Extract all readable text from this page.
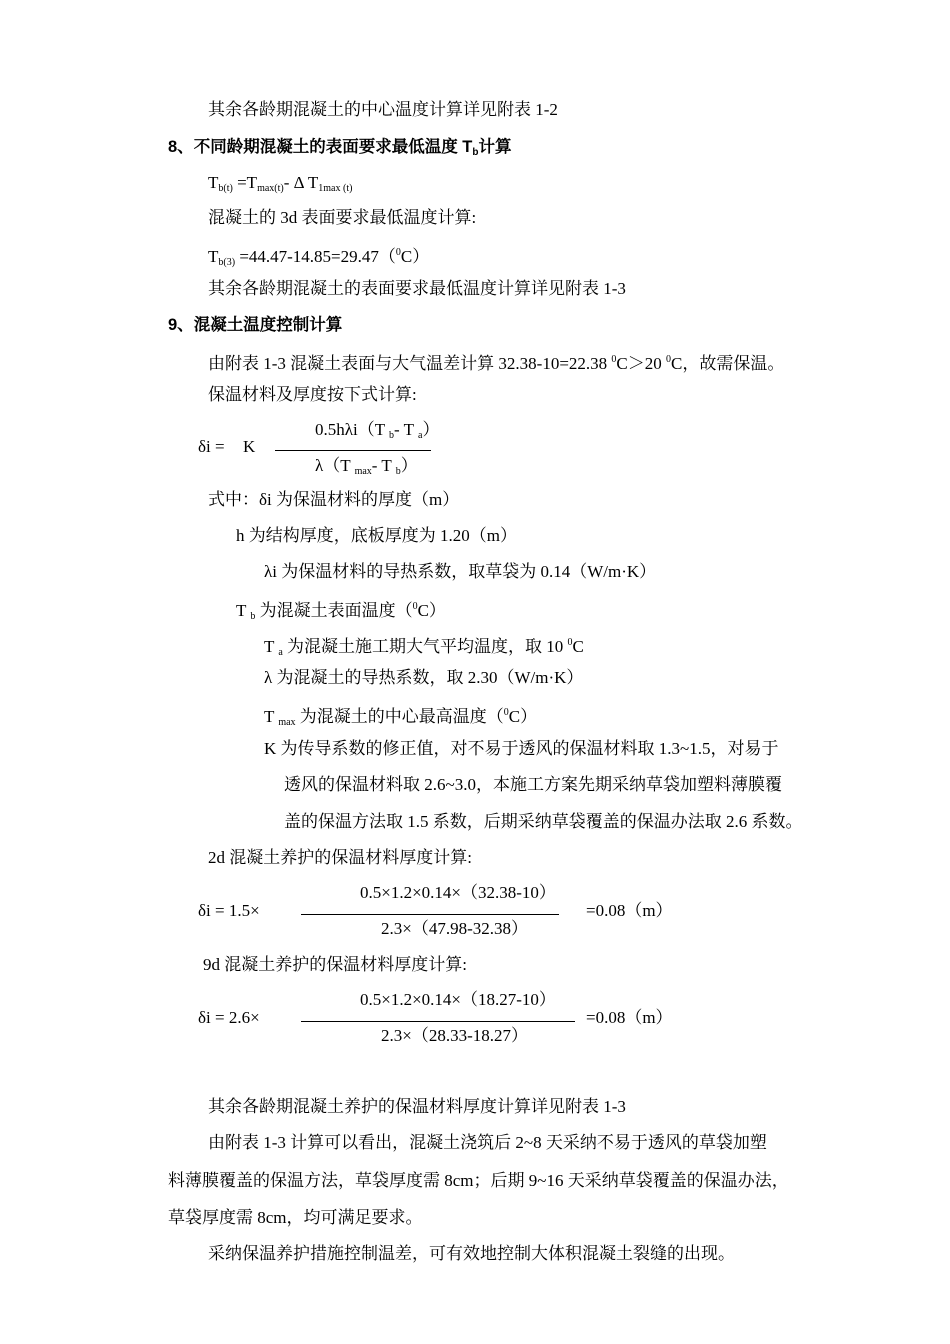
其余各龄期混凝土的中心温度计算详见附表 1-2
8、不同龄期混凝土的表面要求最低温度 $T_b$计算
$T_{b(t)} =T_{max(t)}-$ Δ $T_{1max (t)}$
混凝土的 3d 表面要求最低温度计算:
$T_{b(3)} =44.47-14.85=29.47(^0C)$
其余各龄期混凝土的表面要求最低温度计算详见附表 1-3
9、混凝土温度控制计算
由附表 1-3 混凝土表面与大气温差计算 32.38-10=22.38 $^0$C＞20 $^0$C，故需保温。
保温材料及厚度按下式计算:
δi = K
0.5hλi（T $_b$- T $_a$）
λ（T $_{max}$- T $_b$）
式中：δi 为保温材料的厚度（m）
h 为结构厚度，底板厚度为 1.20（m）
λi 为保温材料的导热系数，取草袋为 0.14（W/m·K）
T $_b$ 为混凝土表面温度（$^0$C）
T $_a$ 为混凝土施工期大气平均温度，取 10 $^0$C
λ 为混凝土的导热系数，取 2.30（W/m·K）
T $_{max}$ 为混凝土的中心最高温度（$^0$C）
K 为传导系数的修正值，对不易于透风的保温材料取 1.3~1.5，对易于
透风的保温材料取 2.6~3.0，本施工方案先期采纳草袋加塑料薄膜覆
盖的保温方法取 1.5 系数，后期采纳草袋覆盖的保温办法取 2.6 系数。
2d 混凝土养护的保温材料厚度计算:
δi = 1.5×
0.5×1.2×0.14×（32.38-10）
2.3×（47.98-32.38）
=0.08（m）
9d 混凝土养护的保温材料厚度计算:
δi = 2.6×
0.5×1.2×0.14×（18.27-10）
2.3×（28.33-18.27）
=0.08（m）
其余各龄期混凝土养护的保温材料厚度计算详见附表 1-3
由附表 1-3 计算可以看出，混凝土浇筑后 2~8 天采纳不易于透风的草袋加塑
料薄膜覆盖的保温方法，草袋厚度需 8cm；后期 9~16 天采纳草袋覆盖的保温办法，
草袋厚度需 8cm，均可满足要求。
采纳保温养护措施控制温差，可有效地控制大体积混凝土裂缝的出现。
